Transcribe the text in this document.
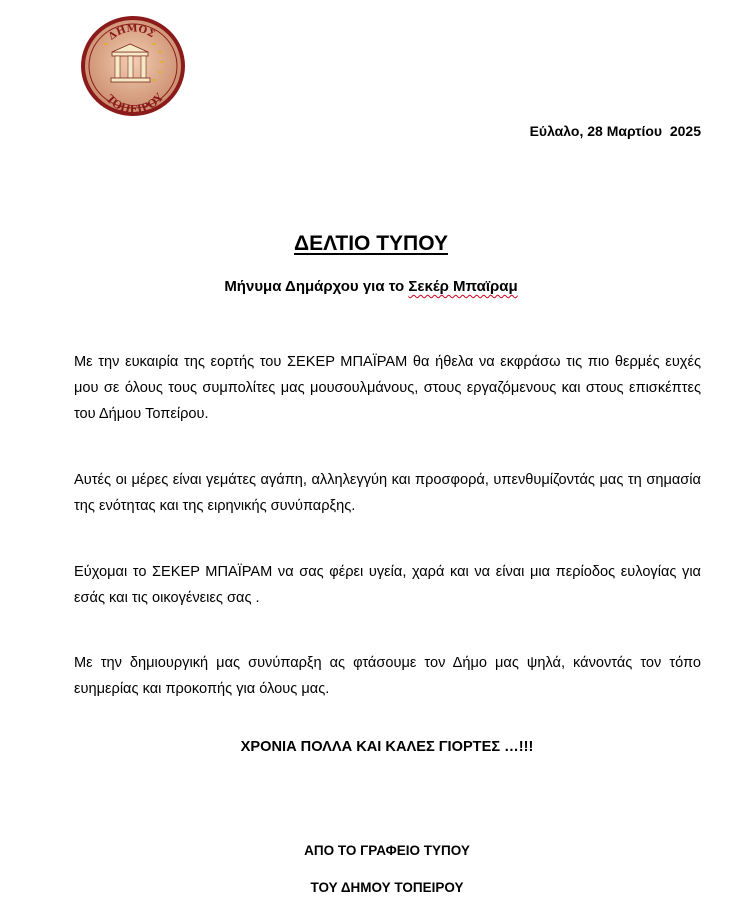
ΔΗΜΟΣ
ΤΟΠΕΙΡΟΥ
Εύλαλο, 28 Μαρτίου  2025
ΔΕΛΤΙΟ ΤΥΠΟΥ
Μήνυμα Δημάρχου για το Σεκέρ Μπαϊραμ

Με την ευκαιρία της εορτής του ΣΕΚΕΡ ΜΠΑΪΡΑΜ θα ήθελα να εκφράσω τις πιο θερμές ευχές μου σε όλους τους συμπολίτες μας μουσουλμάνους, στους εργαζόμενους και στους επισκέπτες του Δήμου Τοπείρου.

Αυτές οι μέρες είναι γεμάτες αγάπη, αλληλεγγύη και προσφορά, υπενθυμίζοντάς μας τη σημασία της ενότητας και της ειρηνικής συνύπαρξης.

Εύχομαι το ΣΕΚΕΡ ΜΠΑΪΡΑΜ να σας φέρει υγεία, χαρά και να είναι μια περίοδος ευλογίας για εσάς και τις οικογένειες σας .

Με την δημιουργική μας συνύπαρξη ας φτάσουμε τον Δήμο μας ψηλά, κάνοντάς τον τόπο ευημερίας και προκοπής για όλους μας.

ΧΡΟΝΙΑ ΠΟΛΛΑ ΚΑΙ ΚΑΛΕΣ ΓΙΟΡΤΕΣ …!!!
ΑΠΟ ΤΟ ΓΡΑΦΕΙΟ ΤΥΠΟΥ
ΤΟΥ ΔΗΜΟΥ ΤΟΠΕΙΡΟΥ
